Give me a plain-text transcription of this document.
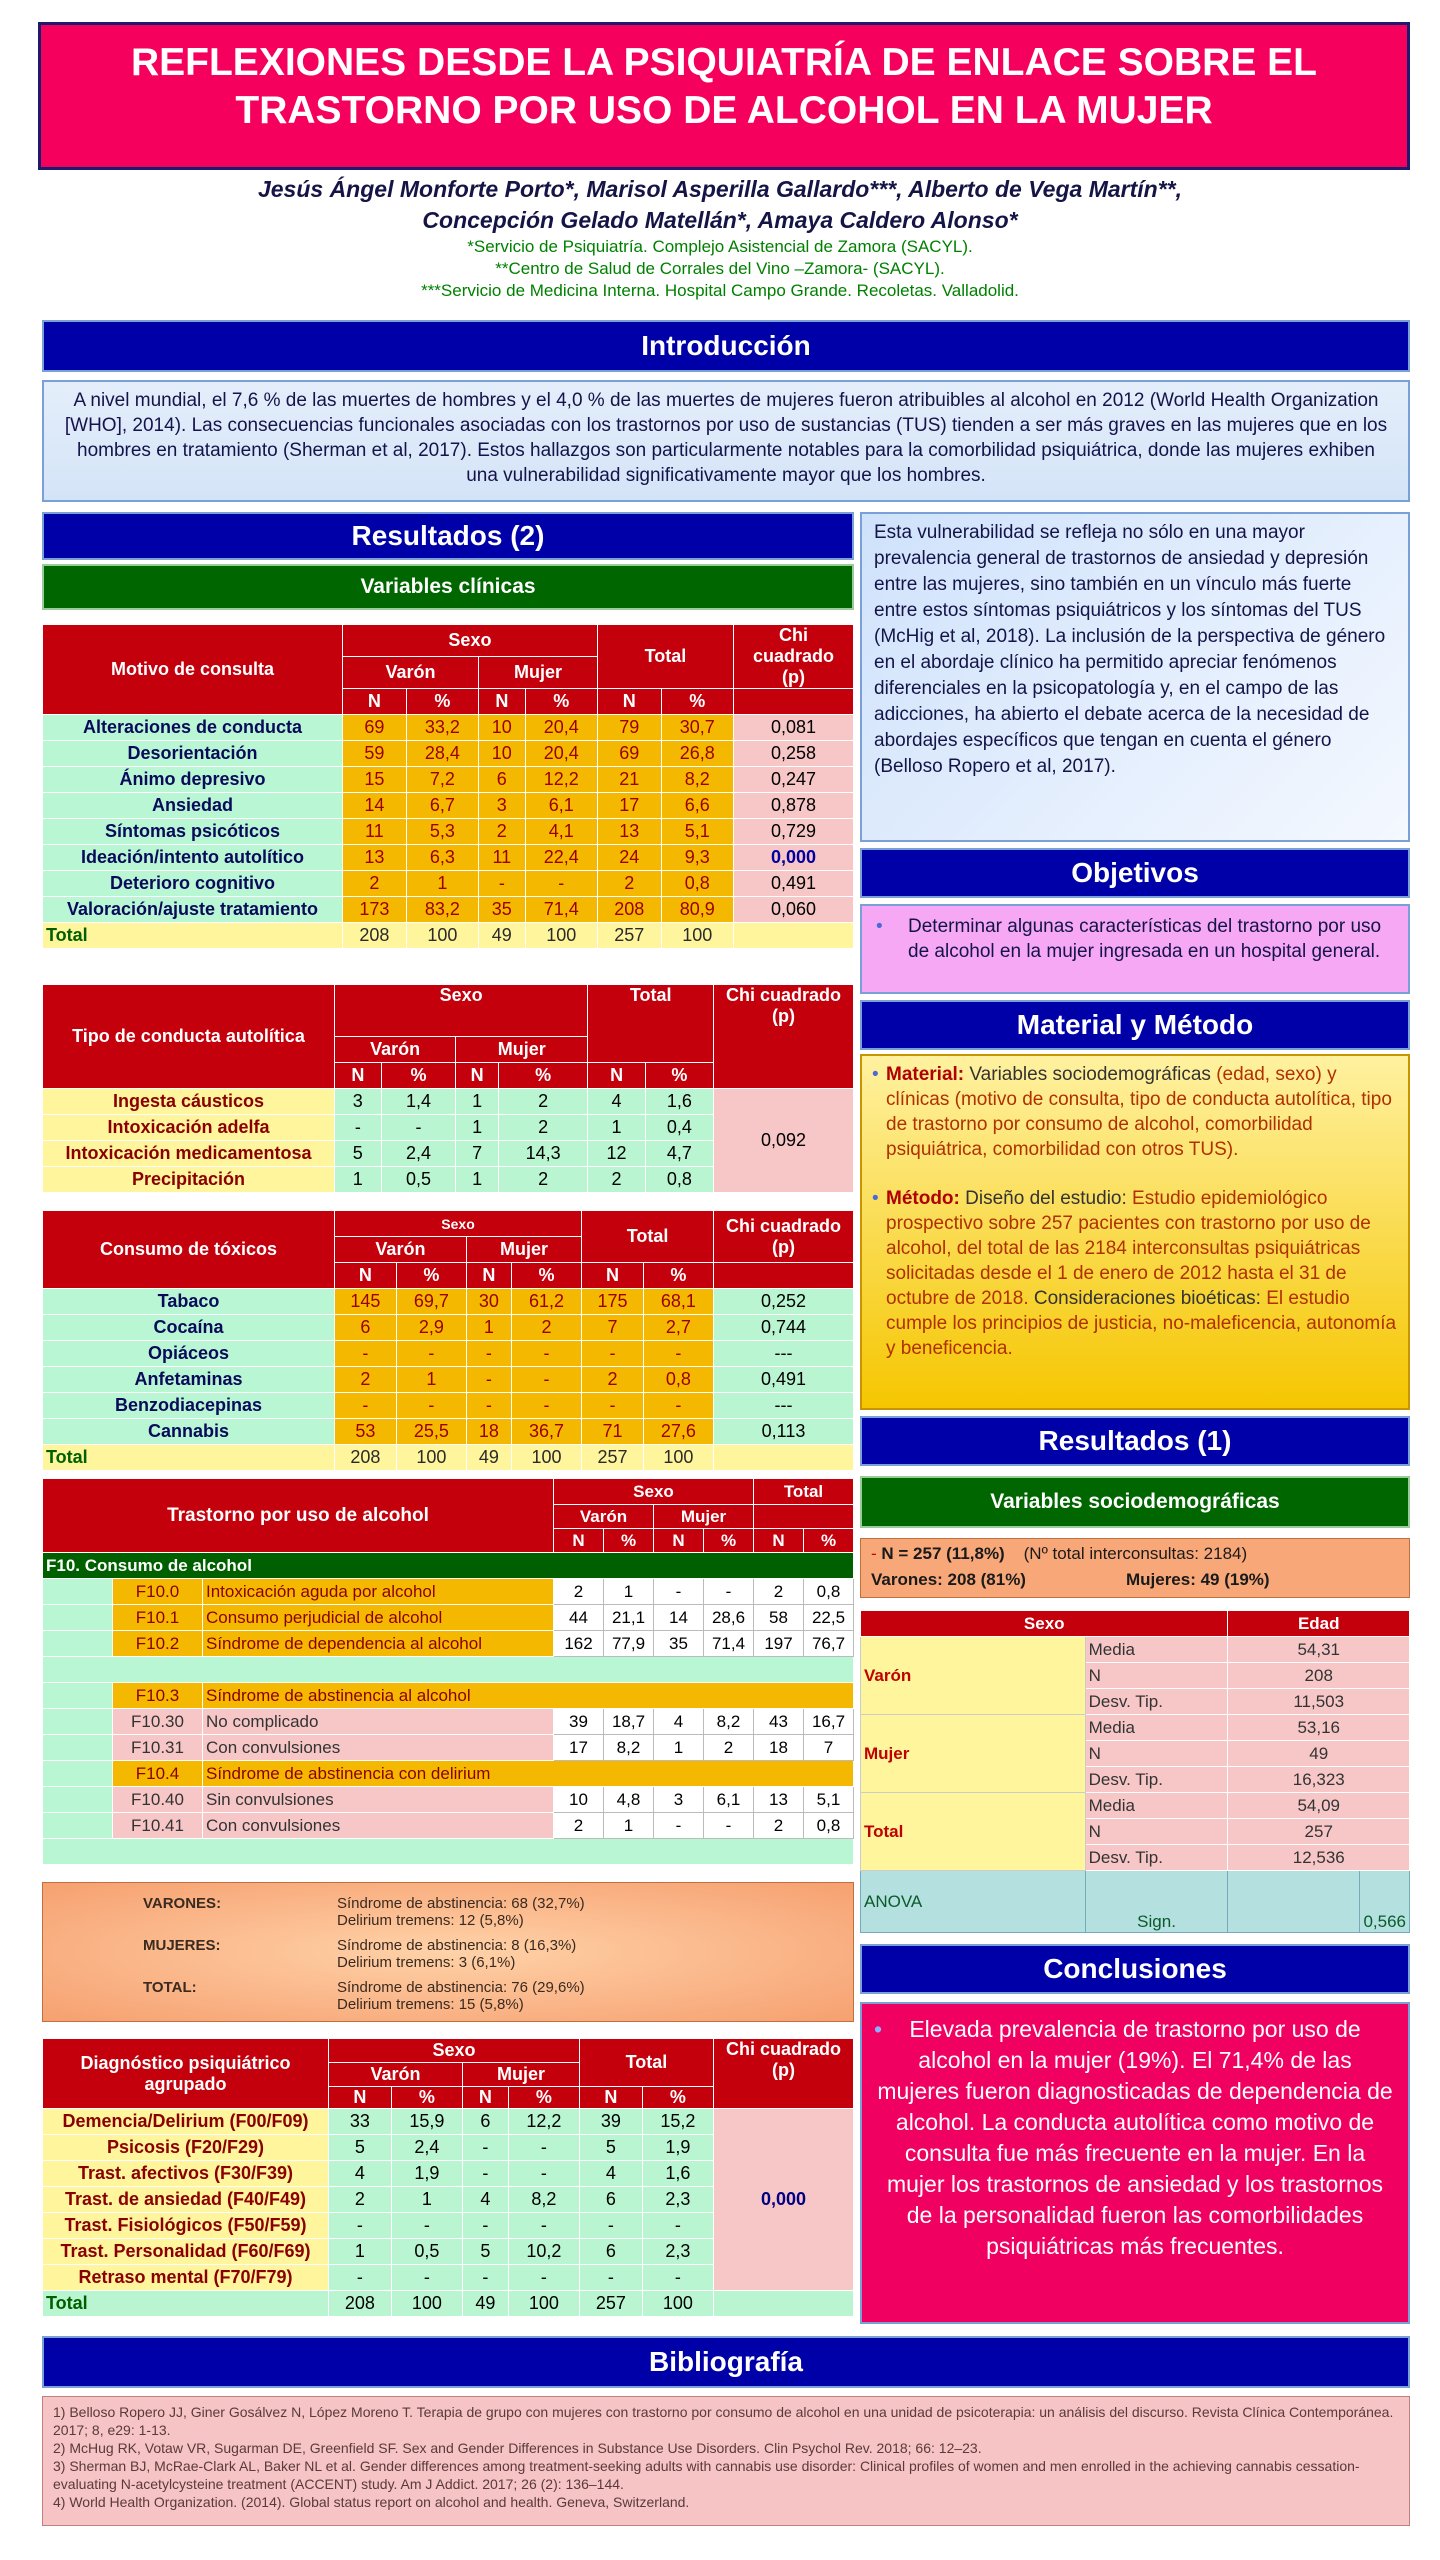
REFLEXIONES DESDE LA PSIQUIATRÍA DE ENLACE SOBRE EL
TRASTORNO POR USO DE ALCOHOL EN LA MUJER
Jesús Ángel Monforte Porto*, Marisol Asperilla Gallardo***, Alberto de Vega Martín**,
Concepción Gelado Matellán*, Amaya Caldero Alonso*
*Servicio de Psiquiatría. Complejo Asistencial de Zamora (SACYL).
**Centro de Salud de Corrales del Vino –Zamora- (SACYL).
***Servicio de Medicina Interna. Hospital Campo Grande. Recoletas. Valladolid.
Introducción
A nivel mundial, el 7,6 % de las muertes de hombres y el 4,0 % de las muertes de mujeres fueron atribuibles al alcohol en 2012 (World Health Organization [WHO], 2014). Las consecuencias funcionales asociadas con los trastornos por uso de sustancias (TUS) tienden a ser más graves en las mujeres que en los hombres en tratamiento (Sherman et al, 2017). Estos hallazgos son particularmente notables para la comorbilidad psiquiátrica, donde las mujeres exhiben una vulnerabilidad significativamente mayor que los hombres.
Resultados (2)
Variables clínicas
Motivo de consulta	Sexo				Total		Chi cuadrado
(p)
	Varón		Mujer				
	N	%	N	%	N	%	
Alteraciones de conducta	69	33,2	10	20,4	79	30,7	0,081
Desorientación	59	28,4	10	20,4	69	26,8	0,258
Ánimo depresivo	15	7,2	6	12,2	21	8,2	0,247
Ansiedad	14	6,7	3	6,1	17	6,6	0,878
Síntomas psicóticos	11	5,3	2	4,1	13	5,1	0,729
Ideación/intento autolítico	13	6,3	11	22,4	24	9,3	0,000
Deterioro cognitivo	2	1	-	-	2	0,8	0,491
Valoración/ajuste tratamiento	173	83,2	35	71,4	208	80,9	0,060
Total	208	100	49	100	257	100	
Tipo de conducta autolítica	Sexo				Total		Chi cuadrado (p)
	Varón		Mujer				
	N	%	N	%	N	%	
Ingesta cáusticos	3	1,4	1	2	4	1,6	0,092
Intoxicación adelfa	-	-	1	2	1	0,4	
Intoxicación medicamentosa	5	2,4	7	14,3	12	4,7	
Precipitación	1	0,5	1	2	2	0,8	
Consumo de tóxicos	Sexo				Total		Chi cuadrado
(p)
	Varón		Mujer				
	N	%	N	%	N	%	
Tabaco	145	69,7	30	61,2	175	68,1	0,252
Cocaína	6	2,9	1	2	7	2,7	0,744
Opiáceos	-	-	-	-	-	-	---
Anfetaminas	2	1	-	-	2	0,8	0,491
Benzodiacepinas	-	-	-	-	-	-	---
Cannabis	53	25,5	18	36,7	71	27,6	0,113
Total	208	100	49	100	257	100	
Trastorno por uso de alcohol			Sexo				Total	
			Varón		Mujer			
			N	%	N	%	N	%
F10. Consumo de alcohol								
	F10.0	Intoxicación aguda por alcohol	2	1	-	-	2	0,8
	F10.1	Consumo perjudicial de alcohol	44	21,1	14	28,6	58	22,5
	F10.2	Síndrome de dependencia al alcohol	162	77,9	35	71,4	197	76,7

	F10.3	Síndrome de abstinencia al alcohol						
	F10.30	No complicado	39	18,7	4	8,2	43	16,7
	F10.31	Con convulsiones	17	8,2	1	2	18	7
	F10.4	Síndrome de abstinencia con delirium						
	F10.40	Sin convulsiones	10	4,8	3	6,1	13	5,1
	F10.41	Con convulsiones	2	1	-	-	2	0,8

VARONES:	Síndrome de abstinencia: 68 (32,7%)
Delirium tremens: 12 (5,8%)
MUJERES:	Síndrome de abstinencia: 8 (16,3%)
Delirium tremens: 3 (6,1%)
TOTAL:	Síndrome de abstinencia: 76 (29,6%)
Delirium tremens: 15 (5,8%)
Diagnóstico psiquiátrico agrupado	Sexo				Total		Chi cuadrado
(p)
	Varón		Mujer				
	N	%	N	%	N	%	
Demencia/Delirium (F00/F09)	33	15,9	6	12,2	39	15,2	0,000
Psicosis (F20/F29)	5	2,4	-	-	5	1,9	
Trast. afectivos (F30/F39)	4	1,9	-	-	4	1,6	
Trast. de ansiedad (F40/F49)	2	1	4	8,2	6	2,3	
Trast. Fisiológicos (F50/F59)	-	-	-	-	-	-	
Trast. Personalidad (F60/F69)	1	0,5	5	10,2	6	2,3	
Retraso mental (F70/F79)	-	-	-	-	-	-	
Total	208	100	49	100	257	100	
Esta vulnerabilidad se refleja no sólo en una mayor prevalencia general de trastornos de ansiedad y depresión entre las mujeres, sino también en un vínculo más fuerte entre estos síntomas psiquiátricos y los síntomas del TUS (McHig et al, 2018). La inclusión de la perspectiva de género en el abordaje clínico ha permitido apreciar fenómenos diferenciales en la psicopatología y, en el campo de las adicciones, ha abierto el debate acerca de la necesidad de abordajes específicos que tengan en cuenta el género (Belloso Ropero et al, 2017).
Objetivos
• Determinar algunas características del trastorno por uso de alcohol en la mujer ingresada en un hospital general.
Material y Método
• Material: Variables sociodemográficas (edad, sexo) y clínicas (motivo de consulta, tipo de conducta autolítica, tipo de trastorno por consumo de alcohol, comorbilidad psiquiátrica, comorbilidad con otros TUS).
• Método: Diseño del estudio: Estudio epidemiológico prospectivo sobre 257 pacientes con trastorno por uso de alcohol, del total de las 2184 interconsultas psiquiátricas solicitadas desde el 1 de enero de 2012 hasta el 31 de octubre de 2018. Consideraciones bioéticas: El estudio cumple los principios de justicia, no-maleficencia, autonomía y beneficencia.
Resultados (1)
Variables sociodemográficas
- N = 257 (11,8%) (Nº total interconsultas: 2184)
Varones: 208 (81%)	Mujeres: 49 (19%)
Sexo		Edad	
Varón	Media	54,31	
	N	208	
	Desv. Tip.	11,503	
Mujer	Media	53,16	
	N	49	
	Desv. Tip.	16,323	
Total	Media	54,09	
	N	257	
	Desv. Tip.	12,536	
ANOVA	Sign.		0,566
Conclusiones
•	Elevada prevalencia de trastorno por uso de alcohol en la mujer (19%). El 71,4% de las mujeres fueron diagnosticadas de dependencia de alcohol. La conducta autolítica como motivo de consulta fue más frecuente en la mujer. En la mujer los trastornos de ansiedad y los trastornos de la personalidad fueron las comorbilidades psiquiátricas más frecuentes.
Bibliografía
1) Belloso Ropero JJ, Giner Gosálvez N, López Moreno T. Terapia de grupo con mujeres con trastorno por consumo de alcohol en una unidad de psicoterapia: un análisis del discurso. Revista Clínica Contemporánea. 2017; 8, e29: 1-13.
2) McHug RK, Votaw VR, Sugarman DE, Greenfield SF. Sex and Gender Differences in Substance Use Disorders. Clin Psychol Rev. 2018; 66: 12–23.
3) Sherman BJ, McRae-Clark AL, Baker NL et al. Gender differences among treatment-seeking adults with cannabis use disorder: Clinical profiles of women and men enrolled in the achieving cannabis cessation-evaluating N-acetylcysteine treatment (ACCENT) study. Am J Addict. 2017; 26 (2): 136–144.
4) World Health Organization. (2014). Global status report on alcohol and health. Geneva, Switzerland.
